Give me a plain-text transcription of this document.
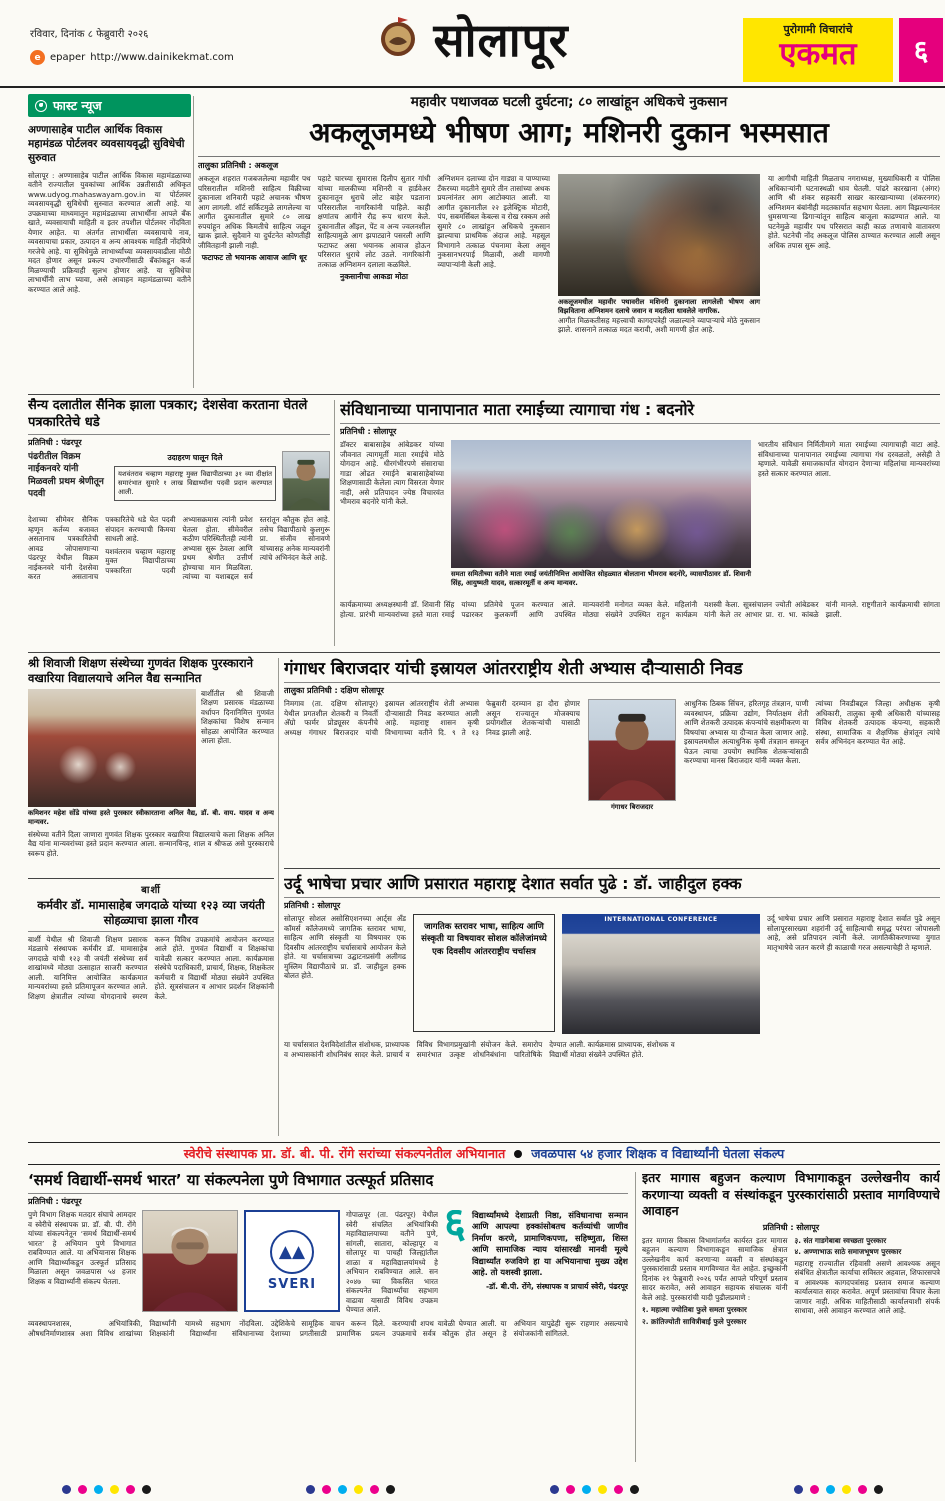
रविवार, दिनांक ८ फेब्रुवारी २०२६
e epaper http://www.dainikekmat.com	सोलापूर	पुरोगामी विचारांचे
एकमत	६
फास्ट न्यूज
अण्णासाहेब पाटील आर्थिक विकास महामंडळ पोर्टलवर व्यवसायवृद्धी सुविधेची सुरुवात
सोलापूर : अण्णासाहेब पाटील आर्थिक विकास महामंडळाच्या वतीने राज्यातील युवकांच्या आर्थिक उन्नतीसाठी अधिकृत www.udyog.mahaswayam.gov.in या पोर्टलवर व्यवसायवृद्धी सुविधेची सुरुवात करण्यात आली आहे. या उपक्रमाच्या माध्यमातून महामंडळाच्या लाभार्थींना आपले बँक खाते, व्यवसायाची माहिती व इतर तपशील पोर्टलवर नोंदविता येणार आहेत. या अंतर्गत लाभार्थीला व्यवसायाचे नाव, व्यवसायाचा प्रकार, उत्पादन व अन्य आवश्यक माहिती नोंदविणे गरजेचे आहे. या सुविधेमुळे लाभार्थ्यांच्या व्यवसायवाढीला मोठी मदत होणार असून प्रकल्प उभारणीसाठी बँकांकडून कर्ज मिळण्याची प्रक्रियाही सुलभ होणार आहे. या सुविधेचा लाभार्थींनी लाभ घ्यावा, असे आवाहन महामंडळाच्या वतीने करण्यात आले आहे.
महावीर पथाजवळ घटली दुर्घटना; ८० लाखांहून अधिकचे नुकसान
अकलूजमध्ये भीषण आग; मशिनरी दुकान भस्मसात
तालुका प्रतिनिधी : अकलूज

अकलूज शहरात गजबजलेल्या महावीर पथ परिसरातील मशिनरी साहित्य विक्रीच्या दुकानाला शनिवारी पहाटे अचानक भीषण आग लागली. शॉर्ट सर्किटमुळे लागलेल्या या आगीत दुकानातील सुमारे ८० लाख रुपयांहून अधिक किमतीचे साहित्य जळून खाक झाले. सुदैवाने या दुर्घटनेत कोणतीही जीवितहानी झाली नाही.

फटाफट तो भयानक आवाज आणि धूर

पहाटे चारच्या सुमारास दिलीप सुतार गांधी यांच्या मालकीच्या मशिनरी व हार्डवेअर दुकानातून धुराचे लोट बाहेर पडताना परिसरातील नागरिकांनी पाहिले. काही क्षणांतच आगीने रौद्र रूप धारण केले. दुकानातील ऑइल, पेंट व अन्य ज्वलनशील साहित्यामुळे आग झपाट्याने पसरली आणि फटाफट असा भयानक आवाज होऊन परिसरात धुराचे लोट उठले. नागरिकांनी तत्काळ अग्निशमन दलाला कळविले.

नुकसानीचा आकडा मोठा

अग्निशमन दलाच्या दोन गाड्या व पाण्याच्या टँकरच्या मदतीने सुमारे तीन तासांच्या अथक प्रयत्नांनंतर आग आटोक्यात आली. या आगीत दुकानातील २२ इलेक्ट्रिक मोटारी, पंप, सबमर्सिबल केबल्स व रोख रक्कम असे सुमारे ८० लाखांहून अधिकचे नुकसान झाल्याचा प्राथमिक अंदाज आहे. महसूल विभागाने तत्काळ पंचनामा केला असून नुकसानभरपाई मिळावी, अशी मागणी व्यापाऱ्यांनी केली आहे.

अकलूजमधील महावीर पथावरील मशिनरी दुकानाला लागलेली भीषण आग विझविताना अग्निशमन दलाचे जवान व मदतीला धावलेले नागरिक.
आगीत मिळकतीसह महत्त्वाची कागदपत्रेही जळाल्याने व्यापाऱ्याचे मोठे नुकसान झाले. शासनाने तत्काळ मदत करावी, अशी मागणी होत आहे.
या आगीची माहिती मिळताच नगराध्यक्ष, मुख्याधिकारी व पोलिस अधिकाऱ्यांनी घटनास्थळी धाव घेतली. पांढरे कारखाना (अंगर) आणि श्री शंकर सहकारी साखर कारखान्याच्या (शंकरनगर) अग्निशमन बंबांनीही मदतकार्यात सहभाग घेतला. आग विझल्यानंतर धुमसणाऱ्या ढिगाऱ्यांतून साहित्य बाजूला काढण्यात आले. या घटनेमुळे महावीर पथ परिसरात काही काळ तणावाचे वातावरण होते. घटनेची नोंद अकलूज पोलिस ठाण्यात करण्यात आली असून अधिक तपास सुरू आहे.
सैन्य दलातील सैनिक झाला पत्रकार; देशसेवा करताना घेतले पत्रकारितेचे धडे
प्रतिनिधी : पंढरपूर
पंढरीतील विक्रम नाईकनवरे यांनी मिळवली प्रथम श्रेणीतून पदवी

उदाहरण घालून दिले

यशवंतराव चव्हाण महाराष्ट्र मुक्त विद्यापीठाच्या ३१ व्या दीक्षांत समारंभात सुमारे १ लाख विद्यार्थ्यांना पदवी प्रदान करण्यात आली.

देशाच्या सीमेवर सैनिक म्हणून कर्तव्य बजावत असतानाच पत्रकारितेची आवड जोपासणाऱ्या पंढरपूर येथील विक्रम नाईकनवरे यांनी देशसेवा करत असतानाच पत्रकारितेचे धडे घेत पदवी संपादन करण्याची किमया साधली आहे.

यशवंतराव चव्हाण महाराष्ट्र मुक्त विद्यापीठाच्या पत्रकारिता पदवी अभ्यासक्रमास त्यांनी प्रवेश घेतला होता. सीमेवरील कठीण परिस्थितीतही त्यांनी अभ्यास सुरू ठेवला आणि प्रथम श्रेणीत उत्तीर्ण होण्याचा मान मिळविला. त्यांच्या या यशाबद्दल सर्व स्तरांतून कौतुक होत आहे. तसेच विद्यापीठाचे कुलगुरू प्रा. संजीव सोनावणे यांच्यासह अनेक मान्यवरांनी त्यांचे अभिनंदन केले आहे.

संविधानाच्या पानापानात माता रमाईच्या त्यागाचा गंध : बदनोरे
प्रतिनिधी : सोलापूर
डॉक्टर बाबासाहेब आंबेडकर यांच्या जीवनात त्यागमूर्ती माता रमाईचे मोठे योगदान आहे. धीरगंभीरपणे संसाराचा गाडा ओढत रमाईने बाबासाहेबांच्या शिक्षणासाठी केलेला त्याग विसरता येणार नाही, असे प्रतिपादन ज्येष्ठ विचारवंत भीमराव बदनोरे यांनी केले.
समता समितीच्या वतीने माता रमाई जयंतीनिमित्त आयोजित सोहळ्यात बोलताना भीमराव बदनोरे, व्यासपीठावर डॉ. शिवानी सिंह, आयुष्मती यादव, सत्कारमूर्ती व अन्य मान्यवर.
भारतीय संविधान निर्मितीमागे माता रमाईच्या त्यागाचाही वाटा आहे. संविधानाच्या पानापानात रमाईच्या त्यागाचा गंध दरवळतो, असेही ते म्हणाले. यावेळी समाजकार्यात योगदान देणाऱ्या महिलांचा मान्यवरांच्या हस्ते सत्कार करण्यात आला.
कार्यक्रमाच्या अध्यक्षस्थानी डॉ. शिवानी सिंह होत्या. प्रारंभी मान्यवरांच्या हस्ते माता रमाई यांच्या प्रतिमेचे पूजन करण्यात आले. पढारकर कुलकर्णी आणि उपस्थित मान्यवरांनी मनोगत व्यक्त केले. महिलांनी मोठ्या संख्येने उपस्थित राहून कार्यक्रम यशस्वी केला. सूत्रसंचालन ज्योती आंबेडकर यांनी केले तर आभार प्रा. रा. भा. कांबळे यांनी मानले. राष्ट्रगीताने कार्यक्रमाची सांगता झाली.
श्री शिवाजी शिक्षण संस्थेच्या गुणवंत शिक्षक पुरस्काराने वखारिया विद्यालयाचे अनिल वैद्य सन्मानित
बार्शीतील श्री शिवाजी शिक्षण प्रसारक मंडळाच्या वर्धापन दिनानिमित्त गुणवंत शिक्षकांचा विशेष सन्मान सोहळा आयोजित करण्यात आला होता.
कमिशनर महेश सोंडे यांच्या हस्ते पुरस्कार स्वीकारताना अनिल वैद्य, डॉ. बी. वाय. यादव व अन्य मान्यवर.
संस्थेच्या वतीने दिला जाणारा गुणवंत शिक्षक पुरस्कार वखारिया विद्यालयाचे कला शिक्षक अनिल वैद्य यांना मान्यवरांच्या हस्ते प्रदान करण्यात आला. सन्मानचिन्ह, शाल व श्रीफळ असे पुरस्काराचे स्वरूप होते.
गंगाधर बिराजदार यांची इस्रायल आंतरराष्ट्रीय शेती अभ्यास दौऱ्यासाठी निवड
तालुका प्रतिनिधी : दक्षिण सोलापूर

निमगाव (ता. दक्षिण सोलापूर) येथील प्रगतशील शेतकरी व निवर्ती अ‍ॅग्रो फार्मर प्रोड्यूसर कंपनीचे अध्यक्ष गंगाधर बिराजदार यांची इस्रायल आंतरराष्ट्रीय शेती अभ्यास दौऱ्यासाठी निवड करण्यात आली आहे. महाराष्ट्र शासन कृषी विभागाच्या वतीने दि. ९ ते १३ फेब्रुवारी दरम्यान हा दौरा होणार असून राज्यातून मोजक्याच प्रयोगशील शेतकऱ्यांची यासाठी निवड झाली आहे.

गंगाधर बिराजदार

आधुनिक ठिबक सिंचन, हरितगृह तंत्रज्ञान, पाणी व्यवस्थापन, प्रक्रिया उद्योग, निर्यातक्षम शेती आणि शेतकरी उत्पादक कंपन्यांचे सक्षमीकरण या विषयांचा अभ्यास या दौऱ्यात केला जाणार आहे. इस्रायलमधील अत्याधुनिक कृषी तंत्रज्ञान समजून घेऊन त्याचा उपयोग स्थानिक शेतकऱ्यांसाठी करण्याचा मानस बिराजदार यांनी व्यक्त केला.

त्यांच्या निवडीबद्दल जिल्हा अधीक्षक कृषी अधिकारी, तालुका कृषी अधिकारी यांच्यासह विविध शेतकरी उत्पादक कंपन्या, सहकारी संस्था, सामाजिक व शैक्षणिक क्षेत्रांतून त्यांचे सर्वत्र अभिनंदन करण्यात येत आहे.

बार्शी
कर्मवीर डॉ. मामासाहेब जगदाळे यांच्या १२३ व्या जयंती सोहळ्याचा झाला गौरव
बार्शी येथील श्री शिवाजी शिक्षण प्रसारक मंडळाचे संस्थापक कर्मवीर डॉ. मामासाहेब जगदाळे यांची १२३ वी जयंती संस्थेच्या सर्व शाखांमध्ये मोठ्या उत्साहात साजरी करण्यात आली. यानिमित्त आयोजित कार्यक्रमात मान्यवरांच्या हस्ते प्रतिमापूजन करण्यात आले. शिक्षण क्षेत्रातील त्यांच्या योगदानाचे स्मरण करून विविध उपक्रमांचे आयोजन करण्यात आले होते. गुणवंत विद्यार्थी व शिक्षकांचा यावेळी सत्कार करण्यात आला. कार्यक्रमास संस्थेचे पदाधिकारी, प्राचार्य, शिक्षक, शिक्षकेतर कर्मचारी व विद्यार्थी मोठ्या संख्येने उपस्थित होते. सूत्रसंचालन व आभार प्रदर्शन शिक्षकांनी केले.
उर्दू भाषेचा प्रचार आणि प्रसारात महाराष्ट्र देशात सर्वात पुढे : डॉ. जाहीदुल हक्क
प्रतिनिधी : सोलापूर
सोलापूर सोशल असोसिएशनच्या आर्ट्स अँड कॉमर्स कॉलेजमध्ये जागतिक स्तरावर भाषा, साहित्य आणि संस्कृती या विषयावर एक दिवसीय आंतरराष्ट्रीय चर्चासत्राचे आयोजन केले होते. या चर्चासत्राच्या उद्घाटनप्रसंगी अलीगढ मुस्लिम विद्यापीठाचे प्रा. डॉ. जाहीदुल हक्क बोलत होते.
जागतिक स्तरावर भाषा, साहित्य आणि संस्कृती या विषयावर सोशल कॉलेजांमध्ये एक दिवसीय आंतरराष्ट्रीय चर्चासत्र
INTERNATIONAL CONFERENCE	उर्दू भाषेचा प्रचार आणि प्रसारात महाराष्ट्र देशात सर्वात पुढे असून सोलापूरसारख्या शहरांनी उर्दू साहित्याची समृद्ध परंपरा जोपासली आहे, असे प्रतिपादन त्यांनी केले. जागतिकीकरणाच्या युगात मातृभाषेचे जतन करणे ही काळाची गरज असल्याचेही ते म्हणाले.
या चर्चासत्रात देशविदेशांतील संशोधक, प्राध्यापक व अभ्यासकांनी शोधनिबंध सादर केले. प्राचार्य व विविध विभागप्रमुखांनी संयोजन केले. समारोप समारंभात उत्कृष्ट शोधनिबंधांना पारितोषिके देण्यात आली. कार्यक्रमास प्राध्यापक, संशोधक व विद्यार्थी मोठ्या संख्येने उपस्थित होते.
स्वेरीचे संस्थापक प्रा. डॉ. बी. पी. रोंगे सरांच्या संकल्पनेतील अभियानात जवळपास ५४ हजार शिक्षक व विद्यार्थ्यांनी घेतला संकल्प
‘समर्थ विद्यार्थी-समर्थ भारत’ या संकल्पनेला पुणे विभागात उत्स्फूर्त प्रतिसाद
प्रतिनिधी : पंढरपूर
पुणे विभाग शिक्षक मतदार संघाचे आमदार व स्वेरीचे संस्थापक प्रा. डॉ. बी. पी. रोंगे यांच्या संकल्पनेतून ‘समर्थ विद्यार्थी-समर्थ भारत’ हे अभियान पुणे विभागात राबविण्यात आले. या अभियानास शिक्षक आणि विद्यार्थ्यांकडून उत्स्फूर्त प्रतिसाद मिळाला असून जवळपास ५४ हजार शिक्षक व विद्यार्थ्यांनी संकल्प घेतला.
▲▲
SVERI
गोपाळपूर (ता. पंढरपूर) येथील स्वेरी संचलित अभियांत्रिकी महाविद्यालयाच्या वतीने पुणे, सांगली, सातारा, कोल्हापूर व सोलापूर या पाचही जिल्ह्यांतील शाळा व महाविद्यालयांमध्ये हे अभियान राबविण्यात आले. सन २०४७ च्या विकसित भारत संकल्पनेत विद्यार्थ्यांचा सहभाग वाढावा यासाठी विविध उपक्रम घेण्यात आले.
६ विद्यार्थ्यांमध्ये देशाप्रती निष्ठा, संविधानाचा सन्मान आणि आपल्या हक्कांसोबतच कर्तव्यांची जाणीव निर्माण करणे, प्रामाणिकपणा, सहिष्णुता, शिस्त आणि सामाजिक न्याय यांसारखी मानवी मूल्ये विद्यार्थ्यांत रुजविणे हा या अभियानाचा मुख्य उद्देश आहे. तो यशस्वी झाला.
-डॉ. बी.पी. रोंगे, संस्थापक व प्राचार्य स्वेरी, पंढरपूर
व्यवस्थापनशास्त्र, अभियांत्रिकी, औषधनिर्माणशास्त्र अशा विविध शाखांच्या विद्यार्थ्यांनी यामध्ये सहभाग नोंदविला. शिक्षकांनी विद्यार्थ्यांना संविधानाच्या उद्देशिकेचे सामूहिक वाचन करून दिले. देशाच्या प्रगतीसाठी प्रामाणिक प्रयत्न करण्याची शपथ यावेळी घेण्यात आली. या उपक्रमाचे सर्वत्र कौतुक होत असून हे अभियान यापुढेही सुरू राहणार असल्याचे संयोजकांनी सांगितले.
इतर मागास बहुजन कल्याण विभागाकडून उल्लेखनीय कार्य करणाऱ्या व्यक्ती व संस्थांकडून पुरस्कारांसाठी प्रस्ताव मागविण्याचे आवाहन
प्रतिनिधी : सोलापूर

इतर मागास विकास विभागांतर्गत कार्यरत इतर मागास बहुजन कल्याण विभागाकडून सामाजिक क्षेत्रात उल्लेखनीय कार्य करणाऱ्या व्यक्ती व संस्थांकडून पुरस्कारांसाठी प्रस्ताव मागविण्यात येत आहेत. इच्छुकांनी दिनांक २१ फेब्रुवारी २०२६ पर्यंत आपले परिपूर्ण प्रस्ताव सादर करावेत, असे आवाहन सहायक संचालक यांनी केले आहे. पुरस्कारांची यादी पुढीलप्रमाणे :

१. महात्मा ज्योतिबा फुले समता पुरस्कार

२. क्रांतिज्योती सावित्रीबाई फुले पुरस्कार

३. संत गाडगेबाबा स्वच्छता पुरस्कार

४. अण्णाभाऊ साठे समाजभूषण पुरस्कार

महाराष्ट्र राज्यातील रहिवासी असणे आवश्यक असून संबंधित क्षेत्रातील कार्याचा सविस्तर अहवाल, शिफारसपत्रे व आवश्यक कागदपत्रांसह प्रस्ताव समाज कल्याण कार्यालयात सादर करावेत. अपूर्ण प्रस्तावांचा विचार केला जाणार नाही. अधिक माहितीसाठी कार्यालयाशी संपर्क साधावा, असे आवाहन करण्यात आले आहे.
